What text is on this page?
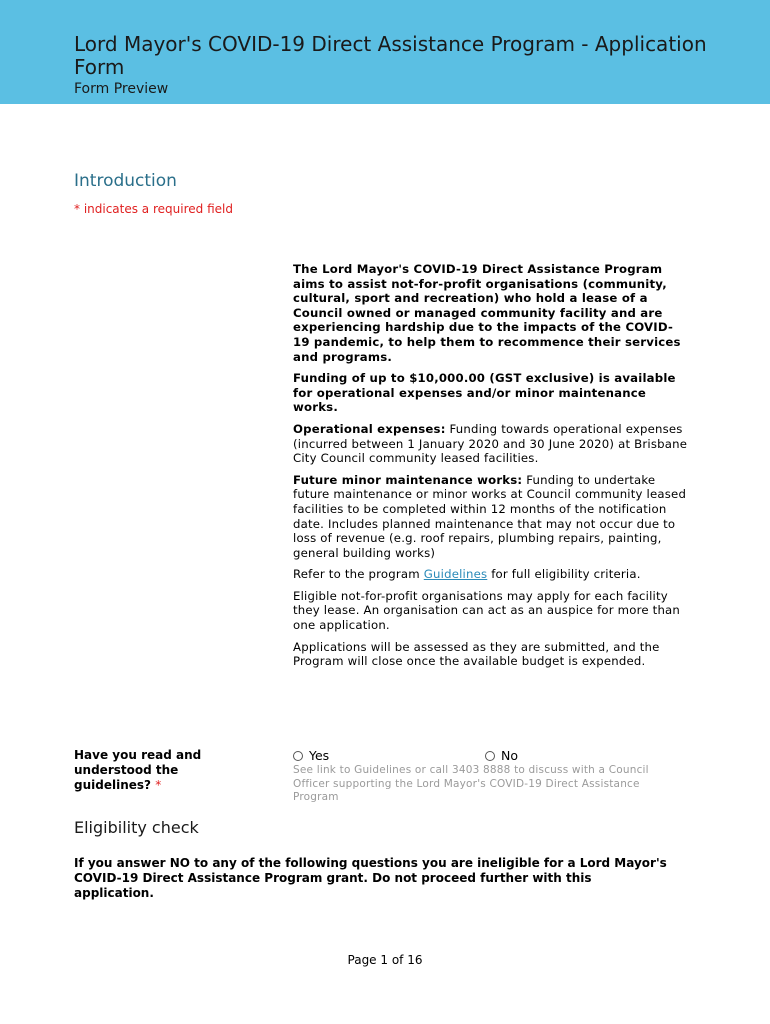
Lord Mayor's COVID-19 Direct Assistance Program - Application Form
Form Preview
Introduction
* indicates a required field

The Lord Mayor's COVID-19 Direct Assistance Program aims to assist not-for-profit organisations (community, cultural, sport and recreation) who hold a lease of a Council owned or managed community facility and are experiencing hardship due to the impacts of the COVID-19 pandemic, to help them to recommence their services and programs.

Funding of up to $10,000.00 (GST exclusive) is available for operational expenses and/or minor maintenance works.

Operational expenses: Funding towards operational expenses (incurred between 1 January 2020 and 30 June 2020) at Brisbane City Council community leased facilities.

Future minor maintenance works: Funding to undertake future maintenance or minor works at Council community leased facilities to be completed within 12 months of the notification date. Includes planned maintenance that may not occur due to loss of revenue (e.g. roof repairs, plumbing repairs, painting, general building works)

Refer to the program Guidelines for full eligibility criteria.

Eligible not-for-profit organisations may apply for each facility they lease. An organisation can act as an auspice for more than one application.

Applications will be assessed as they are submitted, and the Program will close once the available budget is expended.

Have you read and understood the guidelines? *
Yes	No
See link to Guidelines or call 3403 8888 to discuss with a Council Officer supporting the Lord Mayor's COVID-19 Direct Assistance Program
Eligibility check
If you answer NO to any of the following questions you are ineligible for a Lord Mayor's COVID-19 Direct Assistance Program grant. Do not proceed further with this application.
Page 1 of 16
